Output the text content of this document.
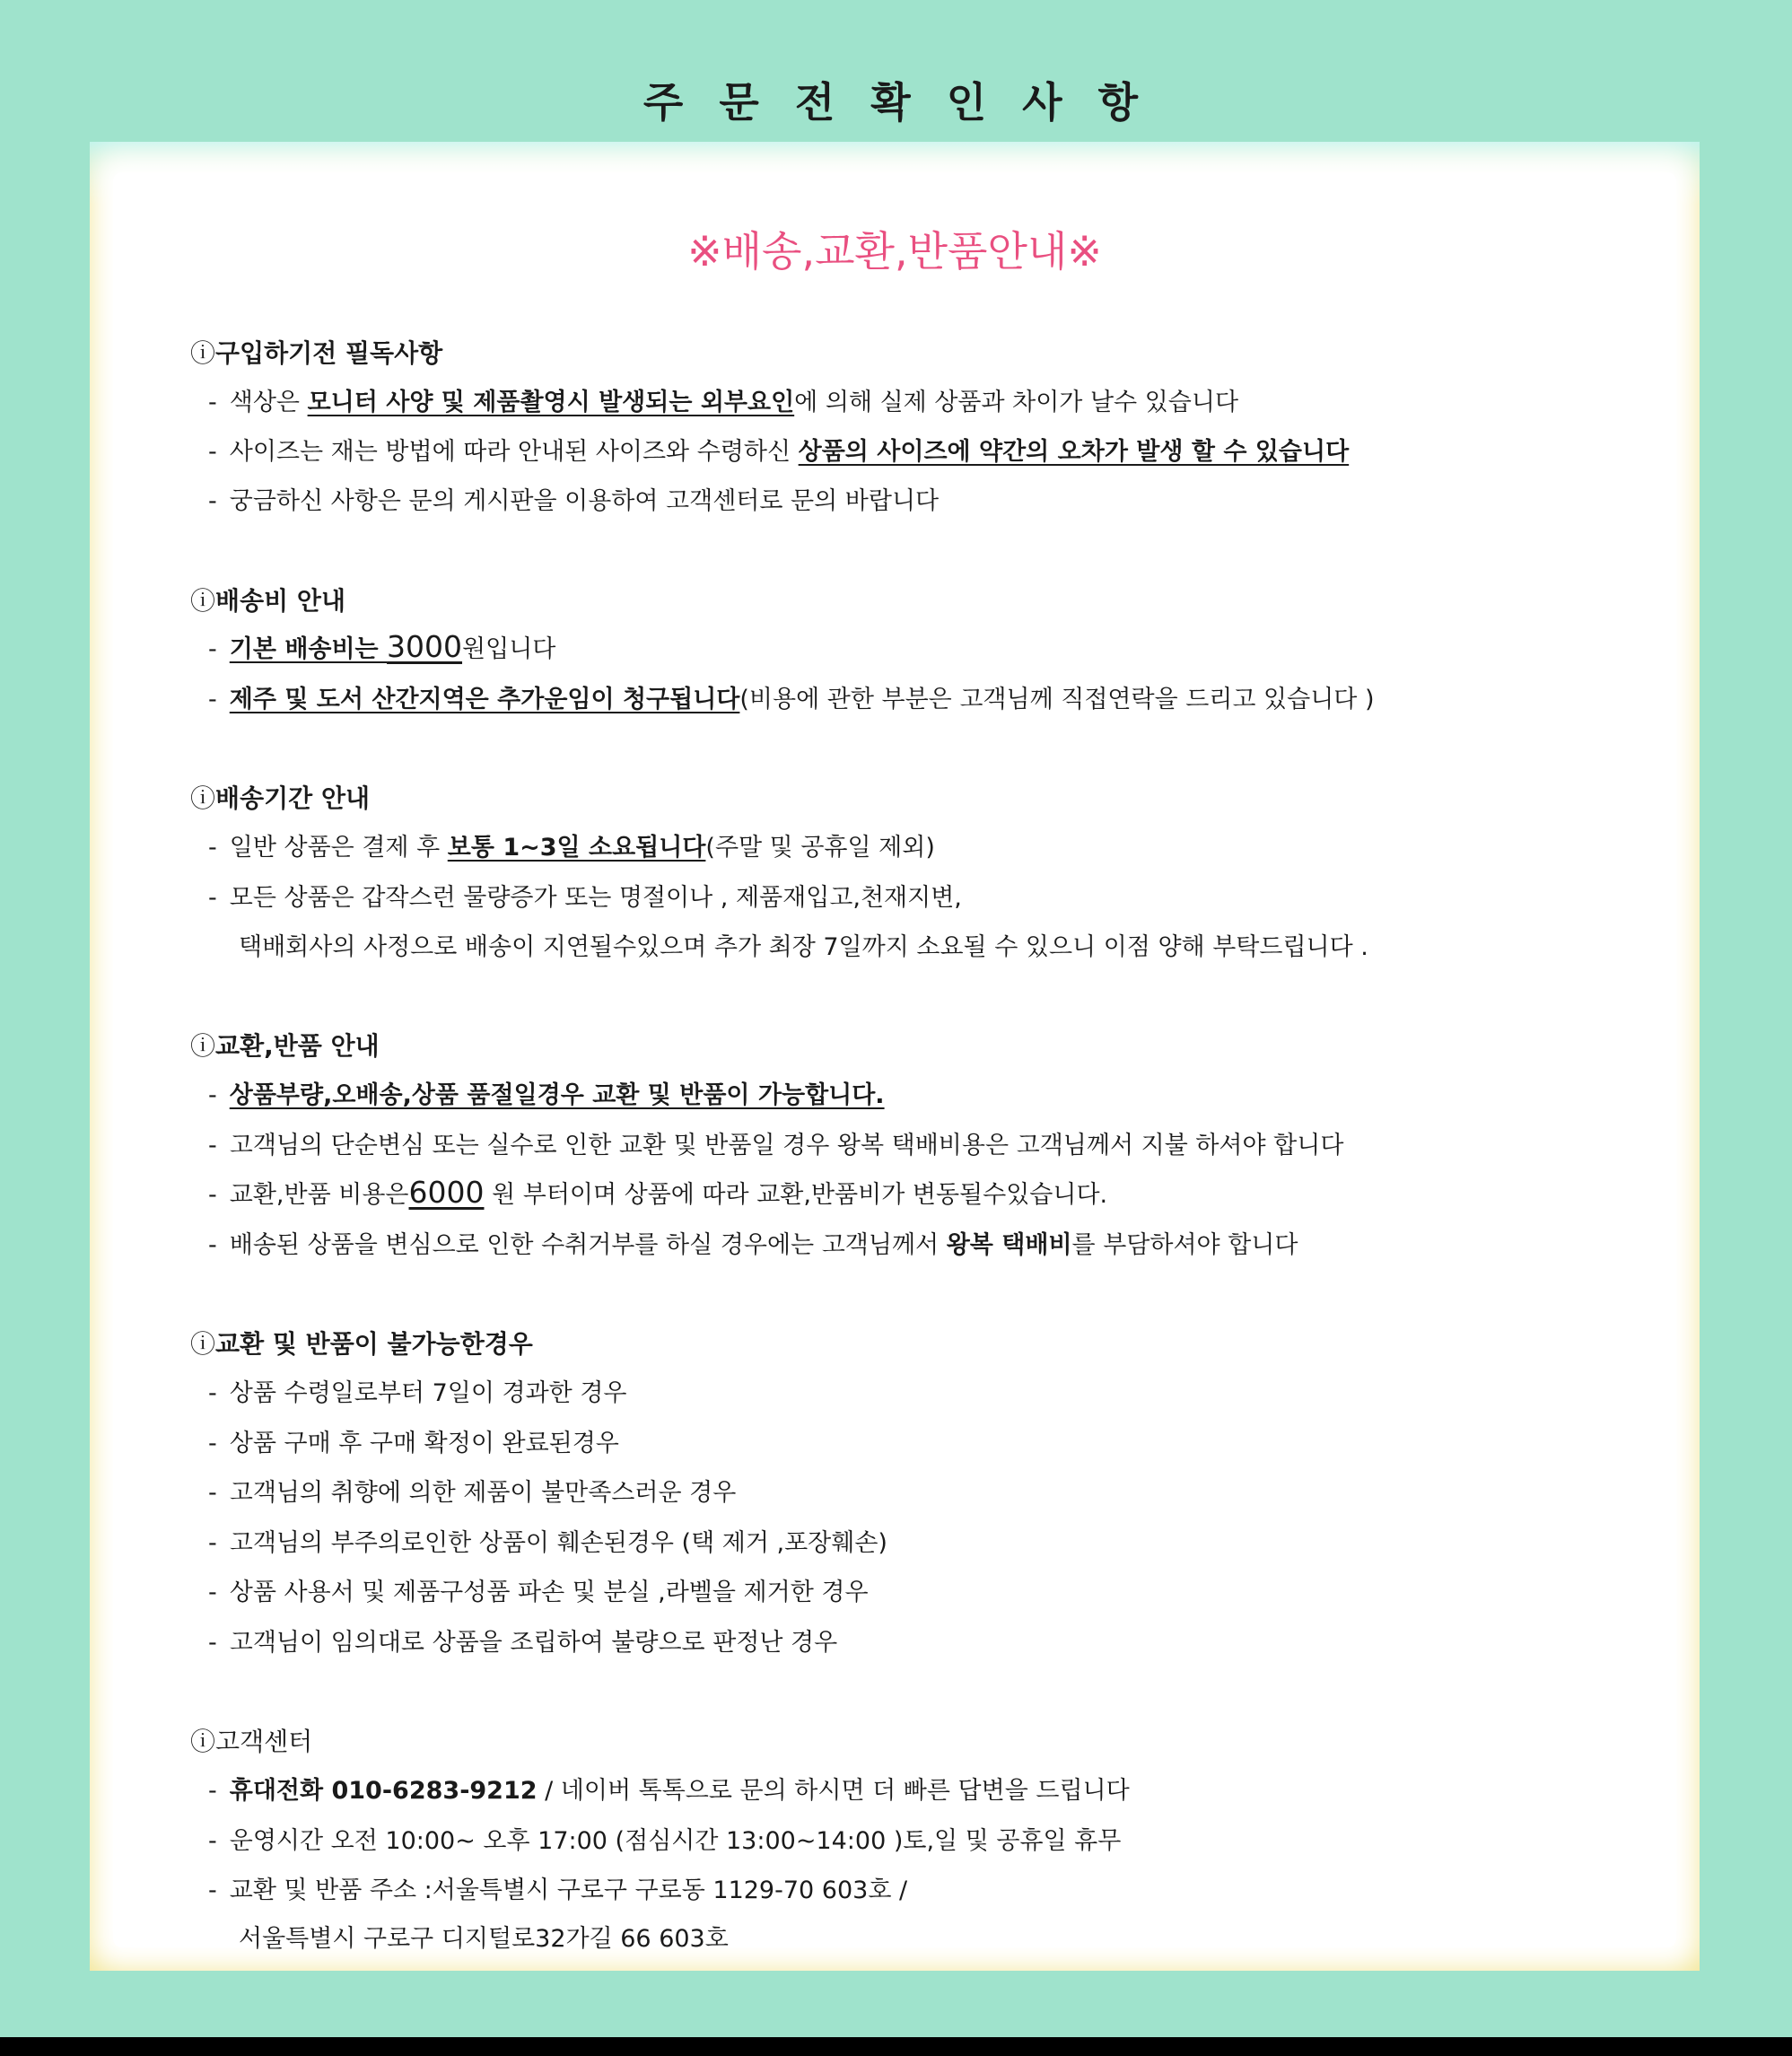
주 문 전 확 인 사 항
※배송,교환,반품안내※
ⓘ구입하기전 필독사항
- 색상은 모니터 사양 및 제품촬영시 발생되는 외부요인에 의해 실제 상품과 차이가 날수 있습니다
- 사이즈는 재는 방법에 따라 안내된 사이즈와 수령하신 상품의 사이즈에 약간의 오차가 발생 할 수 있습니다
- 궁금하신 사항은 문의 게시판을 이용하여 고객센터로 문의 바랍니다
ⓘ배송비 안내
- 기본 배송비는 3000원입니다
- 제주 및 도서 산간지역은 추가운임이 청구됩니다(비용에 관한 부분은 고객님께 직접연락을 드리고 있습니다 )
ⓘ배송기간 안내
- 일반 상품은 결제 후 보통 1~3일 소요됩니다(주말 및 공휴일 제외)
- 모든 상품은 갑작스런 물량증가 또는 명절이나 , 제품재입고,천재지변,
택배회사의 사정으로 배송이 지연될수있으며 추가 최장 7일까지 소요될 수 있으니 이점 양해 부탁드립니다 .
ⓘ교환,반품 안내
- 상품부량,오배송,상품 품절일경우 교환 및 반품이 가능합니다.
- 고객님의 단순변심 또는 실수로 인한 교환 및 반품일 경우 왕복 택배비용은 고객님께서 지불 하셔야 합니다
- 교환,반품 비용은6000 원 부터이며 상품에 따라 교환,반품비가 변동될수있습니다.
- 배송된 상품을 변심으로 인한 수취거부를 하실 경우에는 고객님께서 왕복 택배비를 부담하셔야 합니다
ⓘ교환 및 반품이 불가능한경우
- 상품 수령일로부터 7일이 경과한 경우
- 상품 구매 후 구매 확정이 완료된경우
- 고객님의 취향에 의한 제품이 불만족스러운 경우
- 고객님의 부주의로인한 상품이 훼손된경우 (택 제거 ,포장훼손)
- 상품 사용서 및 제품구성품 파손 및 분실 ,라벨을 제거한 경우
- 고객님이 임의대로 상품을 조립하여 불량으로 판정난 경우
ⓘ고객센터
- 휴대전화 010-6283-9212 / 네이버 톡톡으로 문의 하시면 더 빠른 답변을 드립니다
- 운영시간 오전 10:00~ 오후 17:00 (점심시간 13:00~14:00 )토,일 및 공휴일 휴무
- 교환 및 반품 주소 :서울특별시 구로구 구로동 1129-70 603호 /
서울특별시 구로구 디지털로32가길 66 603호
